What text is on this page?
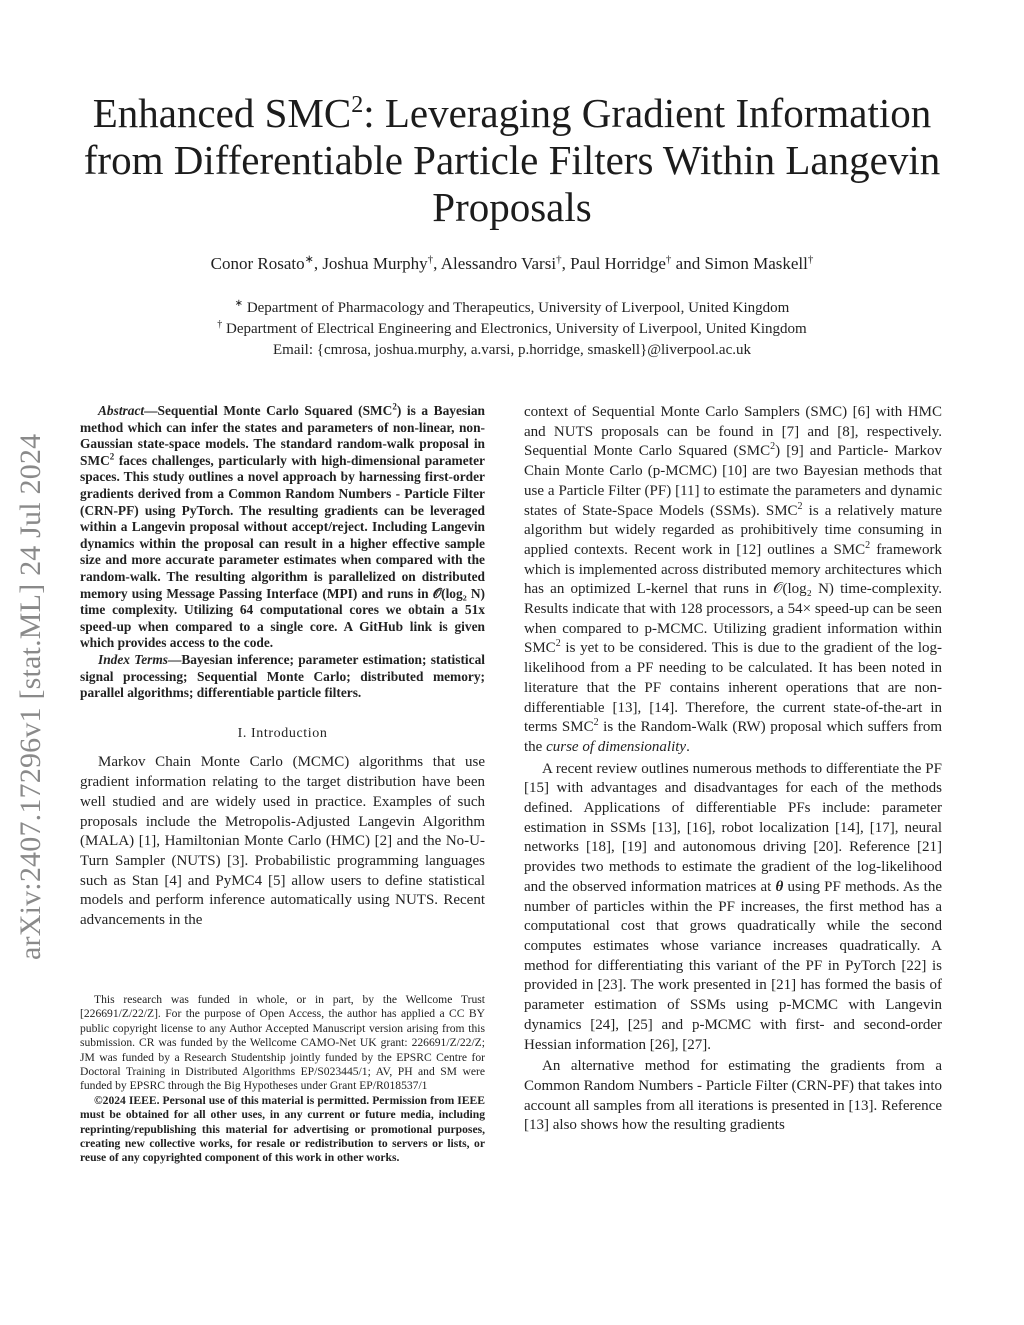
arXiv:2407.17296v1 [stat.ML] 24 Jul 2024
Enhanced SMC$^2$: Leveraging Gradient Information from Differentiable Particle Filters Within Langevin Proposals
Conor Rosato∗, Joshua Murphy†, Alessandro Varsi†, Paul Horridge† and Simon Maskell†
∗ Department of Pharmacology and Therapeutics, University of Liverpool, United Kingdom
† Department of Electrical Engineering and Electronics, University of Liverpool, United Kingdom
Email: {cmrosa, joshua.murphy, a.varsi, p.horridge, smaskell}@liverpool.ac.uk

Abstract—Sequential Monte Carlo Squared (SMC$^2$) is a Bayesian method which can infer the states and parameters of non-linear, non-Gaussian state-space models. The standard random-walk proposal in SMC$^2$ faces challenges, particularly with high-dimensional parameter spaces. This study outlines a novel approach by harnessing first-order gradients derived from a Common Random Numbers - Particle Filter (CRN-PF) using PyTorch. The resulting gradients can be leveraged within a Langevin proposal without accept/reject. Including Langevin dynamics within the proposal can result in a higher effective sample size and more accurate parameter estimates when compared with the random-walk. The resulting algorithm is parallelized on distributed memory using Message Passing Interface (MPI) and runs in 𝒪(log₂ N) time complexity. Utilizing 64 computational cores we obtain a 51x speed-up when compared to a single core. A GitHub link is given which provides access to the code.

Index Terms—Bayesian inference; parameter estimation; statistical signal processing; Sequential Monte Carlo; distributed memory; parallel algorithms; differentiable particle filters.

I. Introduction

Markov Chain Monte Carlo (MCMC) algorithms that use gradient information relating to the target distribution have been well studied and are widely used in practice. Examples of such proposals include the Metropolis-Adjusted Langevin Algorithm (MALA) [1], Hamiltonian Monte Carlo (HMC) [2] and the No-U-Turn Sampler (NUTS) [3]. Probabilistic programming languages such as Stan [4] and PyMC4 [5] allow users to define statistical models and perform inference automatically using NUTS. Recent advancements in the

This research was funded in whole, or in part, by the Wellcome Trust [226691/Z/22/Z]. For the purpose of Open Access, the author has applied a CC BY public copyright license to any Author Accepted Manuscript version arising from this submission. CR was funded by the Wellcome CAMO-Net UK grant: 226691/Z/22/Z; JM was funded by a Research Studentship jointly funded by the EPSRC Centre for Doctoral Training in Distributed Algorithms EP/S023445/1; AV, PH and SM were funded by EPSRC through the Big Hypotheses under Grant EP/R018537/1

©2024 IEEE. Personal use of this material is permitted. Permission from IEEE must be obtained for all other uses, in any current or future media, including reprinting/republishing this material for advertising or promotional purposes, creating new collective works, for resale or redistribution to servers or lists, or reuse of any copyrighted component of this work in other works.

context of Sequential Monte Carlo Samplers (SMC) [6] with HMC and NUTS proposals can be found in [7] and [8], respectively. Sequential Monte Carlo Squared (SMC$^2$) [9] and Particle- Markov Chain Monte Carlo (p-MCMC) [10] are two Bayesian methods that use a Particle Filter (PF) [11] to estimate the parameters and dynamic states of State-Space Models (SSMs). SMC$^2$ is a relatively mature algorithm but widely regarded as prohibitively time consuming in applied contexts. Recent work in [12] outlines a SMC$^2$ framework which is implemented across distributed memory architectures which has an optimized L-kernel that runs in 𝒪(log₂ N) time-complexity. Results indicate that with 128 processors, a 54× speed-up can be seen when compared to p-MCMC. Utilizing gradient information within SMC$^2$ is yet to be considered. This is due to the gradient of the log-likelihood from a PF needing to be calculated. It has been noted in literature that the PF contains inherent operations that are non-differentiable [13], [14]. Therefore, the current state-of-the-art in terms SMC$^2$ is the Random-Walk (RW) proposal which suffers from the curse of dimensionality.

A recent review outlines numerous methods to differentiate the PF [15] with advantages and disadvantages for each of the methods defined. Applications of differentiable PFs include: parameter estimation in SSMs [13], [16], robot localization [14], [17], neural networks [18], [19] and autonomous driving [20]. Reference [21] provides two methods to estimate the gradient of the log-likelihood and the observed information matrices at θ using PF methods. As the number of particles within the PF increases, the first method has a computational cost that grows quadratically while the second computes estimates whose variance increases quadratically. A method for differentiating this variant of the PF in PyTorch [22] is provided in [23]. The work presented in [21] has formed the basis of parameter estimation of SSMs using p-MCMC with Langevin dynamics [24], [25] and p-MCMC with first- and second-order Hessian information [26], [27].

An alternative method for estimating the gradients from a Common Random Numbers - Particle Filter (CRN-PF) that takes into account all samples from all iterations is presented in [13]. Reference [13] also shows how the resulting gradients
